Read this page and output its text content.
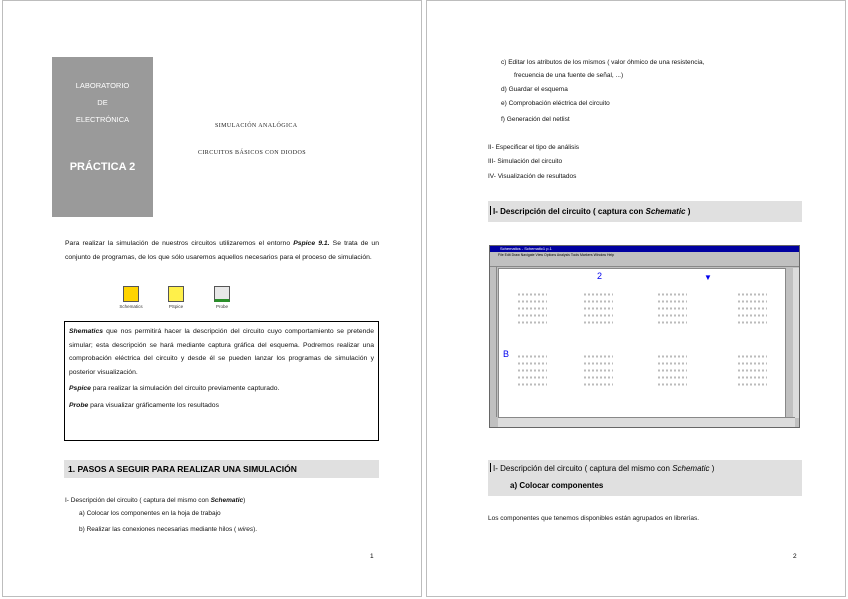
LABORATORIO
DE
ELECTRÓNICA
PRÁCTICA 2
SIMULACIÓN ANALÓGICA
CIRCUITOS BÁSICOS CON DIODOS
Para realizar la simulación de nuestros circuitos utilizaremos el entorno Pspice 9.1. Se trata de un conjunto de programas, de los que sólo usaremos aquellos necesarios para el proceso de simulación.
Schematics	PSpice	Probe

Shematics que nos permitirá hacer la descripción del circuito cuyo comportamiento se pretende simular; esta descripción se hará mediante captura gráfica del esquema. Podremos realizar una comprobación eléctrica del circuito y desde él se pueden lanzar los programas de simulación y posterior visualización.

Pspice para realizar la simulación del circuito previamente capturado.

Probe para visualizar gráficamente los resultados

1. PASOS A SEGUIR PARA REALIZAR UNA SIMULACIÓN
I- Descripción del circuito ( captura del mismo con Schematic)
a) Colocar los componentes en la hoja de trabajo
b) Realizar las conexiones necesarias mediante hilos ( wires).
1
c) Editar los atributos de los mismos ( valor óhmico de una resistencia,
frecuencia de una fuente de señal, ...)
d) Guardar el esquema
e) Comprobación eléctrica del circuito
f) Generación del netlist
II- Especificar el tipo de análisis
III- Simulación del circuito
IV- Visualización de resultados
I- Descripción del circuito ( captura con Schematic )
Schematics - Schematic1 p.1
File Edit Draw Navigate View Options Analysis Tools Markers Window Help
2	▼
B
I- Descripción del circuito ( captura del mismo con Schematic )
a) Colocar componentes
Los componentes que tenemos disponibles están agrupados en librerías.
2
